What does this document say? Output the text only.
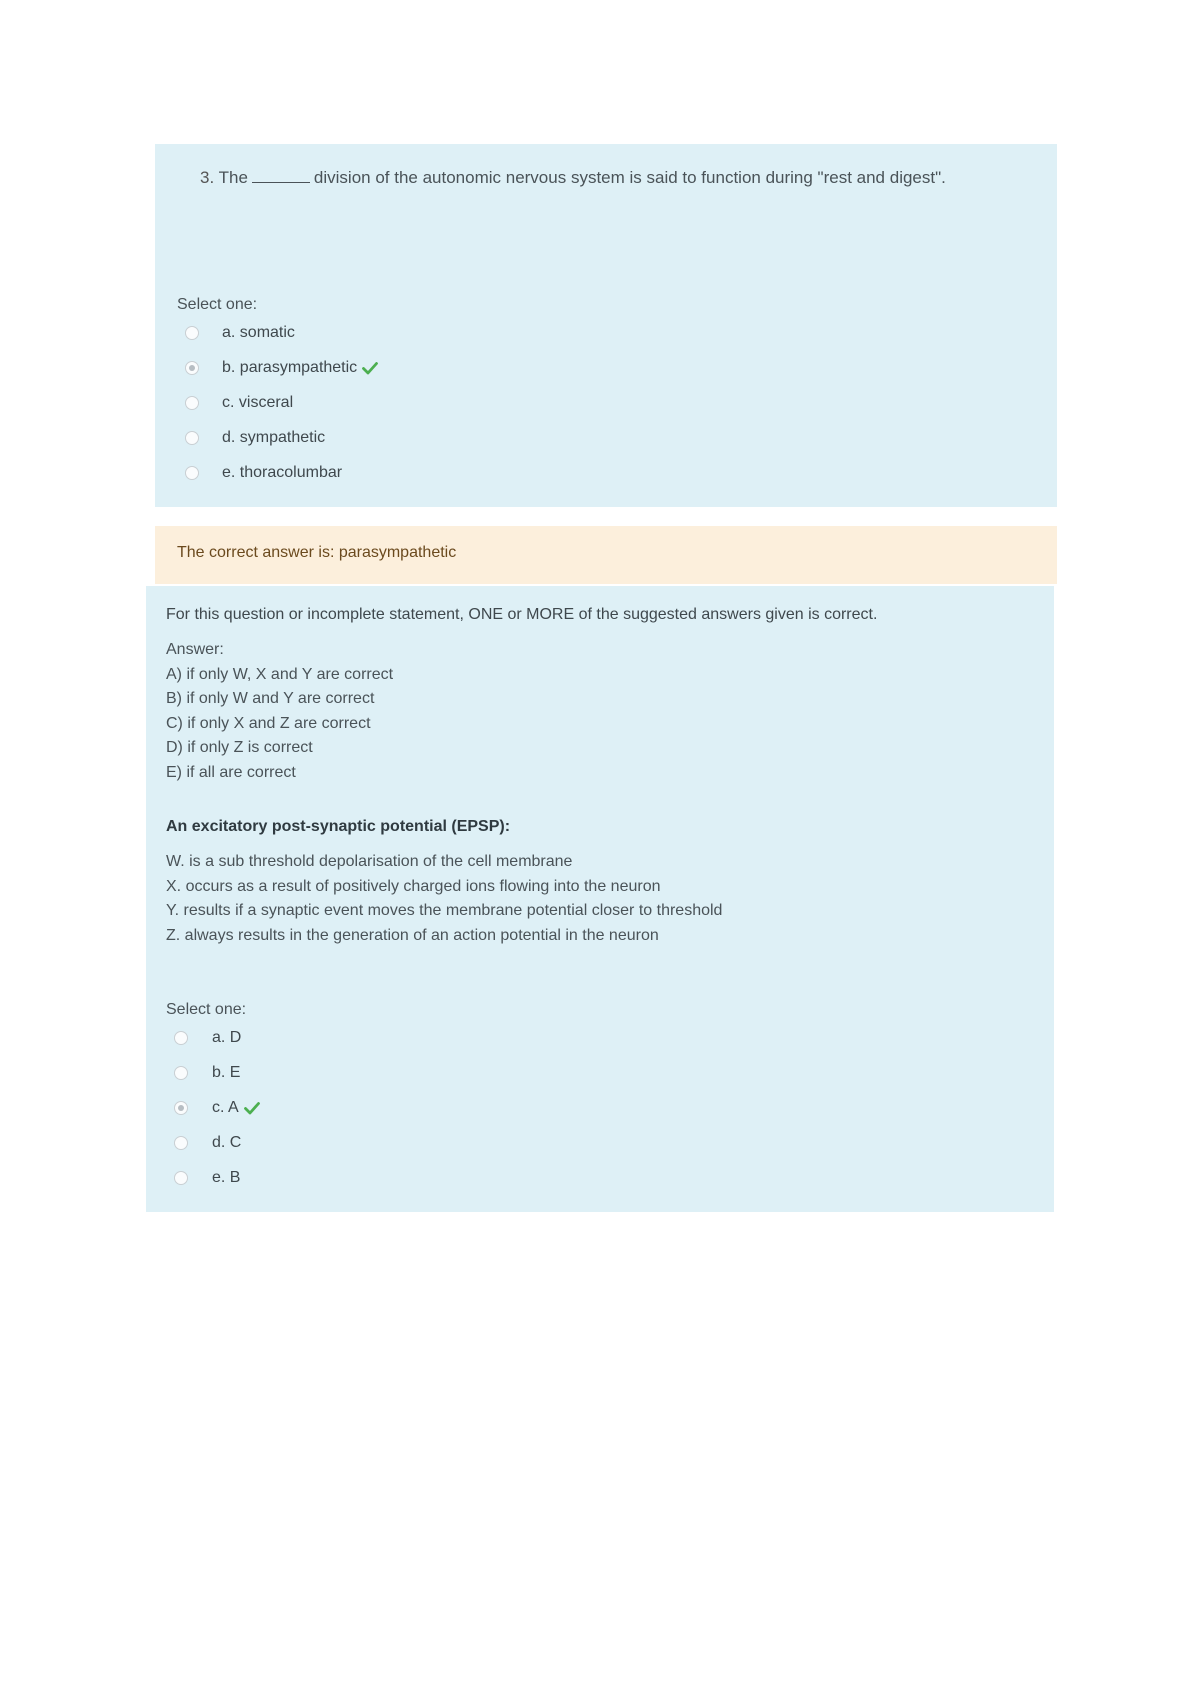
3. The	division of the autonomic nervous system is said to function during "rest and digest".
Select one:
a. somatic
b. parasympathetic
c. visceral
d. sympathetic
e. thoracolumbar
The correct answer is: parasympathetic
For this question or incomplete statement, ONE or MORE of the suggested answers given is correct.
Answer:
A) if only W, X and Y are correct
B) if only W and Y are correct
C) if only X and Z are correct
D) if only Z is correct
E) if all are correct
An excitatory post-synaptic potential (EPSP):
W. is a sub threshold depolarisation of the cell membrane
X. occurs as a result of positively charged ions flowing into the neuron
Y. results if a synaptic event moves the membrane potential closer to threshold
Z. always results in the generation of an action potential in the neuron
Select one:
a. D
b. E
c. A
d. C
e. B
